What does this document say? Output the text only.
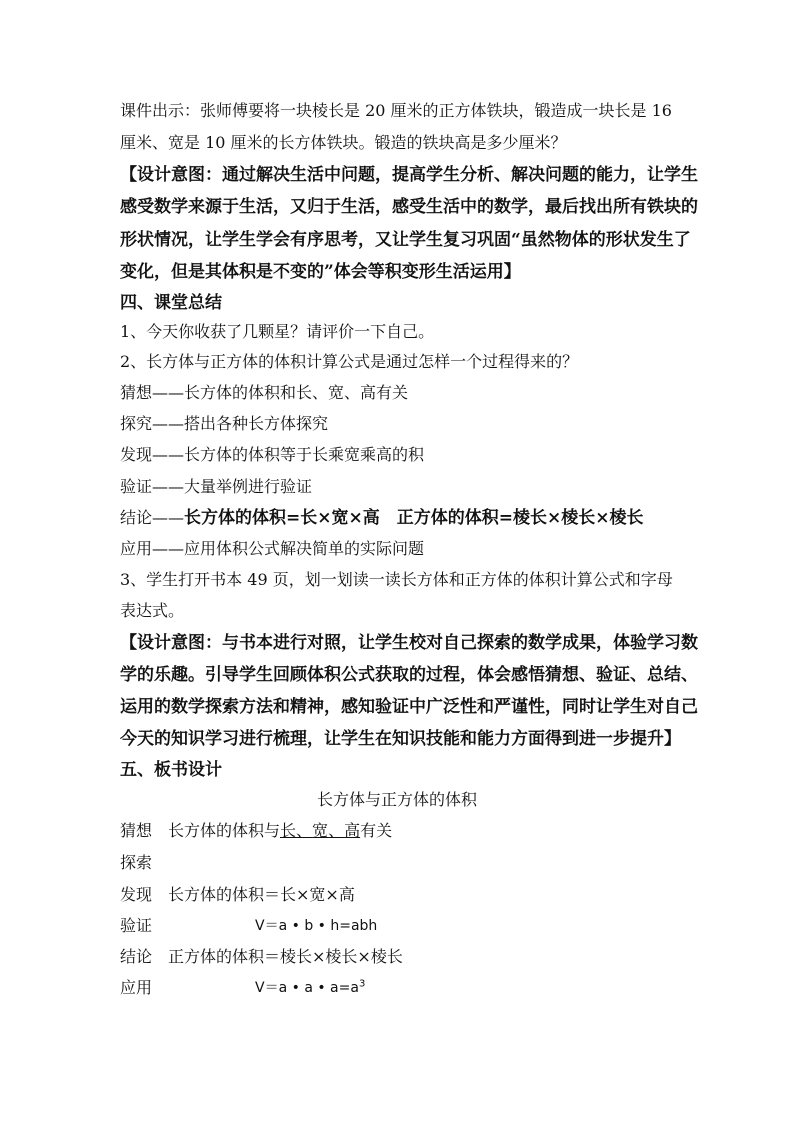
课件出示：张师傅要将一块棱长是 20 厘米的正方体铁块，锻造成一块长是 16
厘米、宽是 10 厘米的长方体铁块。锻造的铁块高是多少厘米？
【设计意图：通过解决生活中问题，提高学生分析、解决问题的能力，让学生
感受数学来源于生活，又归于生活，感受生活中的数学，最后找出所有铁块的
形状情况，让学生学会有序思考，又让学生复习巩固“虽然物体的形状发生了
变化，但是其体积是不变的”体会等积变形生活运用】
四、课堂总结
1、今天你收获了几颗星？请评价一下自己。
2、长方体与正方体的体积计算公式是通过怎样一个过程得来的？
猜想——长方体的体积和长、宽、高有关
探究——搭出各种长方体探究
发现——长方体的体积等于长乘宽乘高的积
验证——大量举例进行验证
结论——长方体的体积=长×宽×高　正方体的体积=棱长×棱长×棱长
应用——应用体积公式解决简单的实际问题
3、学生打开书本 49 页，划一划读一读长方体和正方体的体积计算公式和字母
表达式。
【设计意图：与书本进行对照，让学生校对自己探索的数学成果，体验学习数
学的乐趣。引导学生回顾体积公式获取的过程，体会感悟猜想、验证、总结、
运用的数学探索方法和精神，感知验证中广泛性和严谨性，同时让学生对自己
今天的知识学习进行梳理，让学生在知识技能和能力方面得到进一步提升】
五、板书设计
长方体与正方体的体积
猜想 长方体的体积与长、宽、高有关
探索
发现 长方体的体积＝长×宽×高
验证	V＝a • b • h=abh
结论 正方体的体积＝棱长×棱长×棱长
应用	V＝a • a • $a=a^3$
